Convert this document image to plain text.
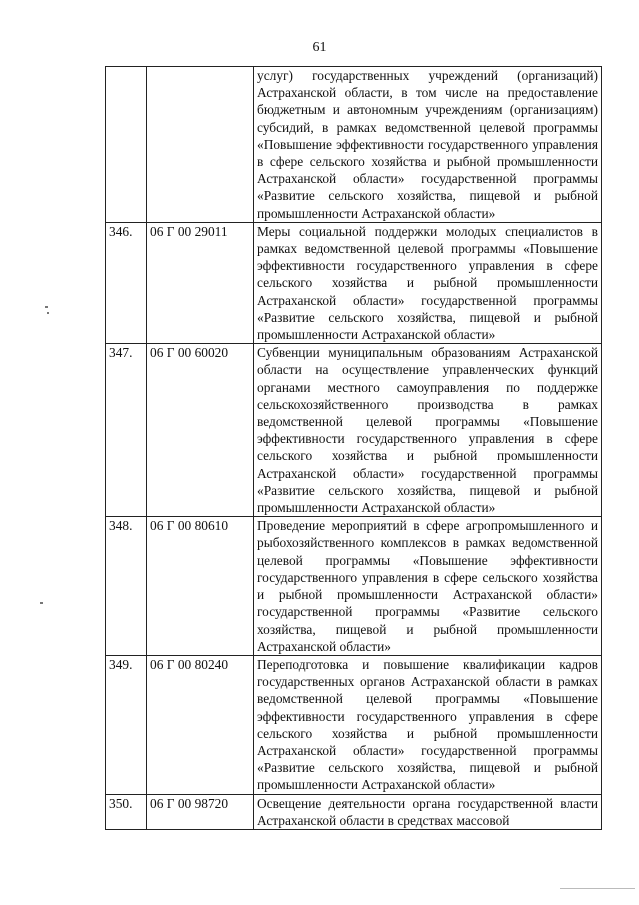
61
		услуг) государственных учреждений (организаций) Астраханской области, в том числе на предоставление бюджетным и автономным учреждениям (организациям) субсидий, в рамках ведомственной целевой программы «Повышение эффективности государственного управления в сфере сельского хозяйства и рыбной промышленности Астраханской области» государственной программы «Развитие сельского хозяйства, пищевой и рыбной промышленности Астраханской области»
346.	06 Г 00 29011	Меры социальной поддержки молодых специалистов в рамках ведомственной целевой программы «Повышение эффективности государственного управления в сфере сельского хозяйства и рыбной промышленности Астраханской области» государственной программы «Развитие сельского хозяйства, пищевой и рыбной промышленности Астраханской области»
347.	06 Г 00 60020	Субвенции муниципальным образованиям Астраханской области на осуществление управленческих функций органами местного самоуправления по поддержке сельскохозяйственного производства в рамках ведомственной целевой программы «Повышение эффективности государственного управления в сфере сельского хозяйства и рыбной промышленности Астраханской области» государственной программы «Развитие сельского хозяйства, пищевой и рыбной промышленности Астраханской области»
348.	06 Г 00 80610	Проведение мероприятий в сфере агропромышленного и рыбохозяйственного комплексов в рамках ведомственной целевой программы «Повышение эффективности государственного управления в сфере сельского хозяйства и рыбной промышленности Астраханской области» государственной программы «Развитие сельского хозяйства, пищевой и рыбной промышленности Астраханской области»
349.	06 Г 00 80240	Переподготовка и повышение квалификации кадров государственных органов Астраханской области в рамках ведомственной целевой программы «Повышение эффективности государственного управления в сфере сельского хозяйства и рыбной промышленности Астраханской области» государственной программы «Развитие сельского хозяйства, пищевой и рыбной промышленности Астраханской области»
350.	06 Г 00 98720	Освещение деятельности органа государственной власти Астраханской области в средствах массовой
